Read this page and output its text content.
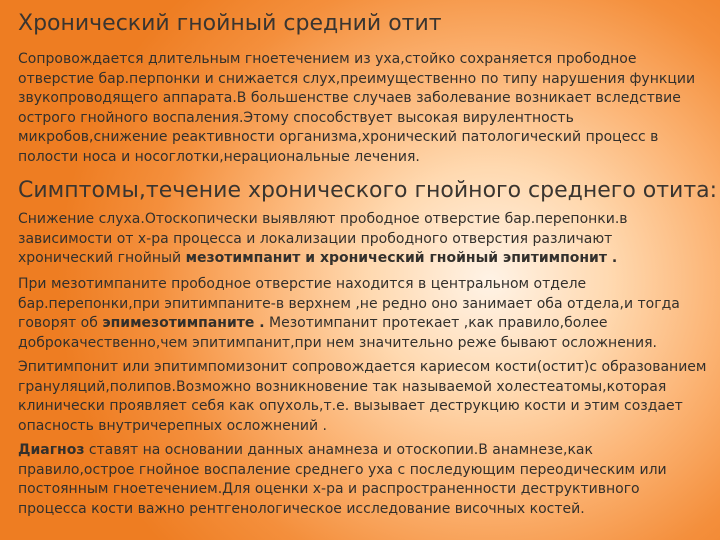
Хронический гнойный средний отит

Сопровождается длительным гноетечением из уха,стойко сохраняется прободное отверстие бар.перпонки и снижается слух,преимущественно по типу нарушения функции звукопроводящего аппарата.В большенстве случаев заболевание возникает вследствие острого гнойного воспаления.Этому способствует высокая вирулентность микробов,снижение реактивности организма,хронический патологический процесс в полости носа и носоглотки,нерациональные лечения.

Симптомы,течение хронического гнойного среднего отита:

Снижение слуха.Отоскопически выявляют прободное отверстие бар.перепонки.в зависимости от х-ра процесса и локализации прободного отверстия различают хронический гнойный мезотимпанит и хронический гнойный эпитимпонит .

При мезотимпаните прободное отверстие находится в центральном отделе бар.перепонки,при эпитимпаните-в верхнем ,не редно оно занимает оба отдела,и тогда говорят об эпимезотимпаните . Мезотимпанит протекает ,как правило,более доброкачественно,чем эпитимпанит,при нем значительно реже бывают осложнения.

Эпитимпонит или эпитимпомизонит сопровождается кариесом кости(остит)с образованием грануляций,полипов.Возможно возникновение так называемой холестеатомы,которая клинически проявляет себя как опухоль,т.е. вызывает деструкцию кости и этим создает опасность внутричерепных осложнений .

Диагноз ставят на основании данных анамнеза и отоскопии.В анамнезе,как правило,острое гнойное воспаление среднего уха с последующим переодическим или постоянным гноетечением.Для оценки х-ра и распространенности деструктивного процесса кости важно рентгенологическое исследование височных костей.
